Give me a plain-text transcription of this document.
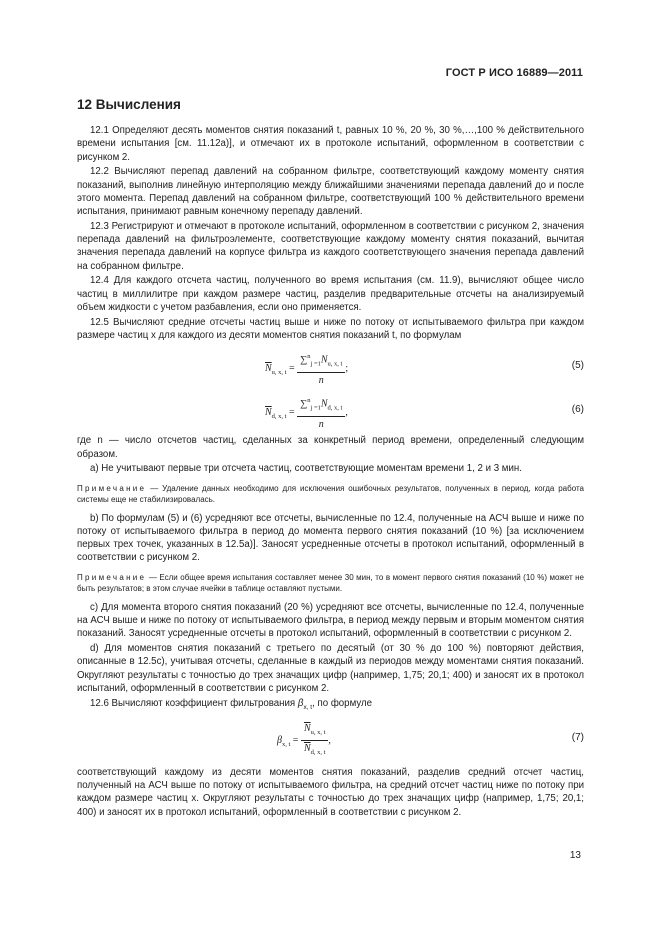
ГОСТ Р ИСО 16889—2011
12 Вычисления

12.1 Определяют десять моментов снятия показаний t, равных 10 %, 20 %, 30 %,…,100 % действительного времени испытания [см. 11.12а)], и отмечают их в протоколе испытаний, оформленном в соответствии с рисунком 2.

12.2 Вычисляют перепад давлений на собранном фильтре, соответствующий каждому моменту снятия показаний, выполнив линейную интерполяцию между ближайшими значениями перепада давлений до и после этого момента. Перепад давлений на собранном фильтре, соответствующий 100 % действительного времени испытания, принимают равным конечному перепаду давлений.

12.3 Регистрируют и отмечают в протоколе испытаний, оформленном в соответствии с рисунком 2, значения перепада давлений на фильтроэлементе, соответствующие каждому моменту снятия показаний, вычитая значения перепада давлений на корпусе фильтра из каждого соответствующего значения перепада давлений на собранном фильтре.

12.4 Для каждого отсчета частиц, полученного во время испытания (см. 11.9), вычисляют общее число частиц в миллилитре при каждом размере частиц, разделив предварительные отсчеты на анализируемый объем жидкости с учетом разбавления, если оно применяется.

12.5 Вычисляют средние отсчеты частиц выше и ниже по потоку от испытываемого фильтра при каждом размере частиц x для каждого из десяти моментов снятия показаний t, по формулам

$\overline{N}_{u, x, t} = \frac{\sum^n_{j =1}N_{u, x, t}}{n}$ ;	(5)
$\overline{N}_{d, x, t} = \frac{\sum^n_{j =1}N_{d, x, t}}{n}$ ,	(6)

где n — число отсчетов частиц, сделанных за конкретный период времени, определенный следующим образом.

а) Не учитывают первые три отсчета частиц, соответствующие моментам времени 1, 2 и 3 мин.

Примечание — Удаление данных необходимо для исключения ошибочных результатов, полученных в период, когда работа системы еще не стабилизировалась.

b) По формулам (5) и (6) усредняют все отсчеты, вычисленные по 12.4, полученные на АСЧ выше и ниже по потоку от испытываемого фильтра в период до момента первого снятия показаний (10 %) [за исключением первых трех точек, указанных в 12.5а)]. Заносят усредненные отсчеты в протокол испытаний, оформленный в соответствии с рисунком 2.

Примечание — Если общее время испытания составляет менее 30 мин, то в момент первого снятия показаний (10 %) может не быть результатов; в этом случае ячейки в таблице оставляют пустыми.

c) Для момента второго снятия показаний (20 %) усредняют все отсчеты, вычисленные по 12.4, полученные на АСЧ выше и ниже по потоку от испытываемого фильтра, в период между первым и вторым моментом снятия показаний. Заносят усредненные отсчеты в протокол испытаний, оформленный в соответствии с рисунком 2.

d) Для моментов снятия показаний с третьего по десятый (от 30 % до 100 %) повторяют действия, описанные в 12.5c), учитывая отсчеты, сделанные в каждый из периодов между моментами снятия показаний. Округляют результаты с точностью до трех значащих цифр (например, 1,75; 20,1; 400) и заносят их в протокол испытаний, оформленный в соответствии с рисунком 2.

12.6 Вычисляют коэффициент фильтрования $\beta_{x, t}$, по формуле

$\beta_{x, t} = \frac{\overline{N}_{u, x, t}}{\overline{N}_{d, x, t}}$ ,	(7)

соответствующий каждому из десяти моментов снятия показаний, разделив средний отсчет частиц, полученный на АСЧ выше по потоку от испытываемого фильтра, на средний отсчет частиц ниже по потоку при каждом размере частиц x. Округляют результаты с точностью до трех значащих цифр (например, 1,75; 20,1; 400) и заносят их в протокол испытаний, оформленный в соответствии с рисунком 2.

13
